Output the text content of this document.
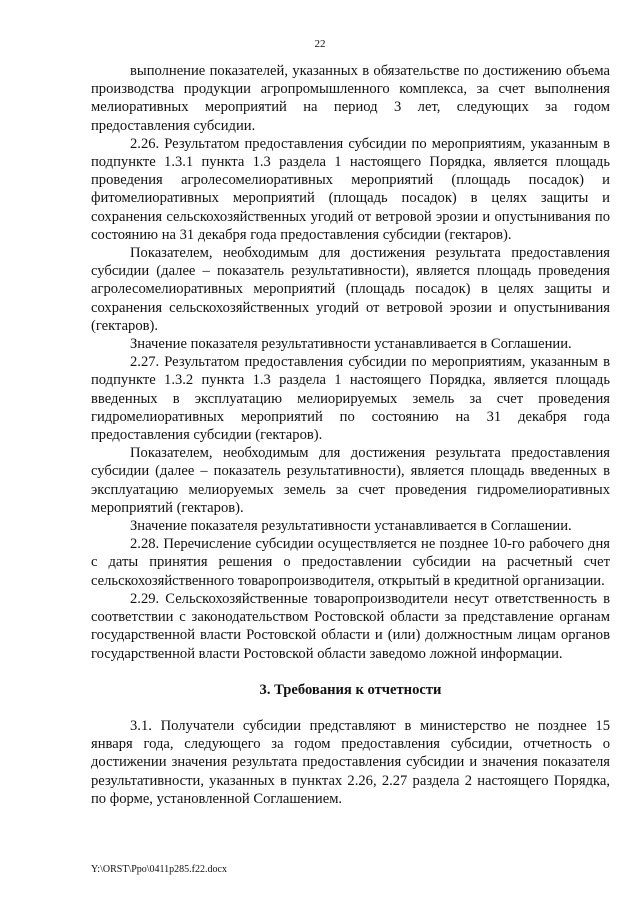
22

выполнение показателей, указанных в обязательстве по достижению объема производства продукции агропромышленного комплекса, за счет выполнения мелиоративных мероприятий на период 3 лет, следующих за годом предоставления субсидии.

2.26. Результатом предоставления субсидии по мероприятиям, указанным в подпункте 1.3.1 пункта 1.3 раздела 1 настоящего Порядка, является площадь проведения агролесомелиоративных мероприятий (площадь посадок) и фитомелиоративных мероприятий (площадь посадок) в целях защиты и сохранения сельскохозяйственных угодий от ветровой эрозии и опустынивания по состоянию на 31 декабря года предоставления субсидии (гектаров).

Показателем, необходимым для достижения результата предоставления субсидии (далее – показатель результативности), является площадь проведения агролесомелиоративных мероприятий (площадь посадок) в целях защиты и сохранения сельскохозяйственных угодий от ветровой эрозии и опустынивания (гектаров).

Значение показателя результативности устанавливается в Соглашении.

2.27. Результатом предоставления субсидии по мероприятиям, указанным в подпункте 1.3.2 пункта 1.3 раздела 1 настоящего Порядка, является площадь введенных в эксплуатацию мелиорируемых земель за счет проведения гидромелиоративных мероприятий по состоянию на 31 декабря года предоставления субсидии (гектаров).

Показателем, необходимым для достижения результата предоставления субсидии (далее – показатель результативности), является площадь введенных в эксплуатацию мелиоруемых земель за счет проведения гидромелиоративных мероприятий (гектаров).

Значение показателя результативности устанавливается в Соглашении.

2.28. Перечисление субсидии осуществляется не позднее 10-го рабочего дня с даты принятия решения о предоставлении субсидии на расчетный счет сельскохозяйственного товаропроизводителя, открытый в кредитной организации.

2.29. Сельскохозяйственные товаропроизводители несут ответственность в соответствии с законодательством Ростовской области за представление органам государственной власти Ростовской области и (или) должностным лицам органов государственной власти Ростовской области заведомо ложной информации.

3. Требования к отчетности

3.1. Получатели субсидии представляют в министерство не позднее 15 января года, следующего за годом предоставления субсидии, отчетность о достижении значения результата предоставления субсидии и значения показателя результативности, указанных в пунктах 2.26, 2.27 раздела 2 настоящего Порядка, по форме, установленной Соглашением.

Y:\ORST\Ppo\0411p285.f22.docx
